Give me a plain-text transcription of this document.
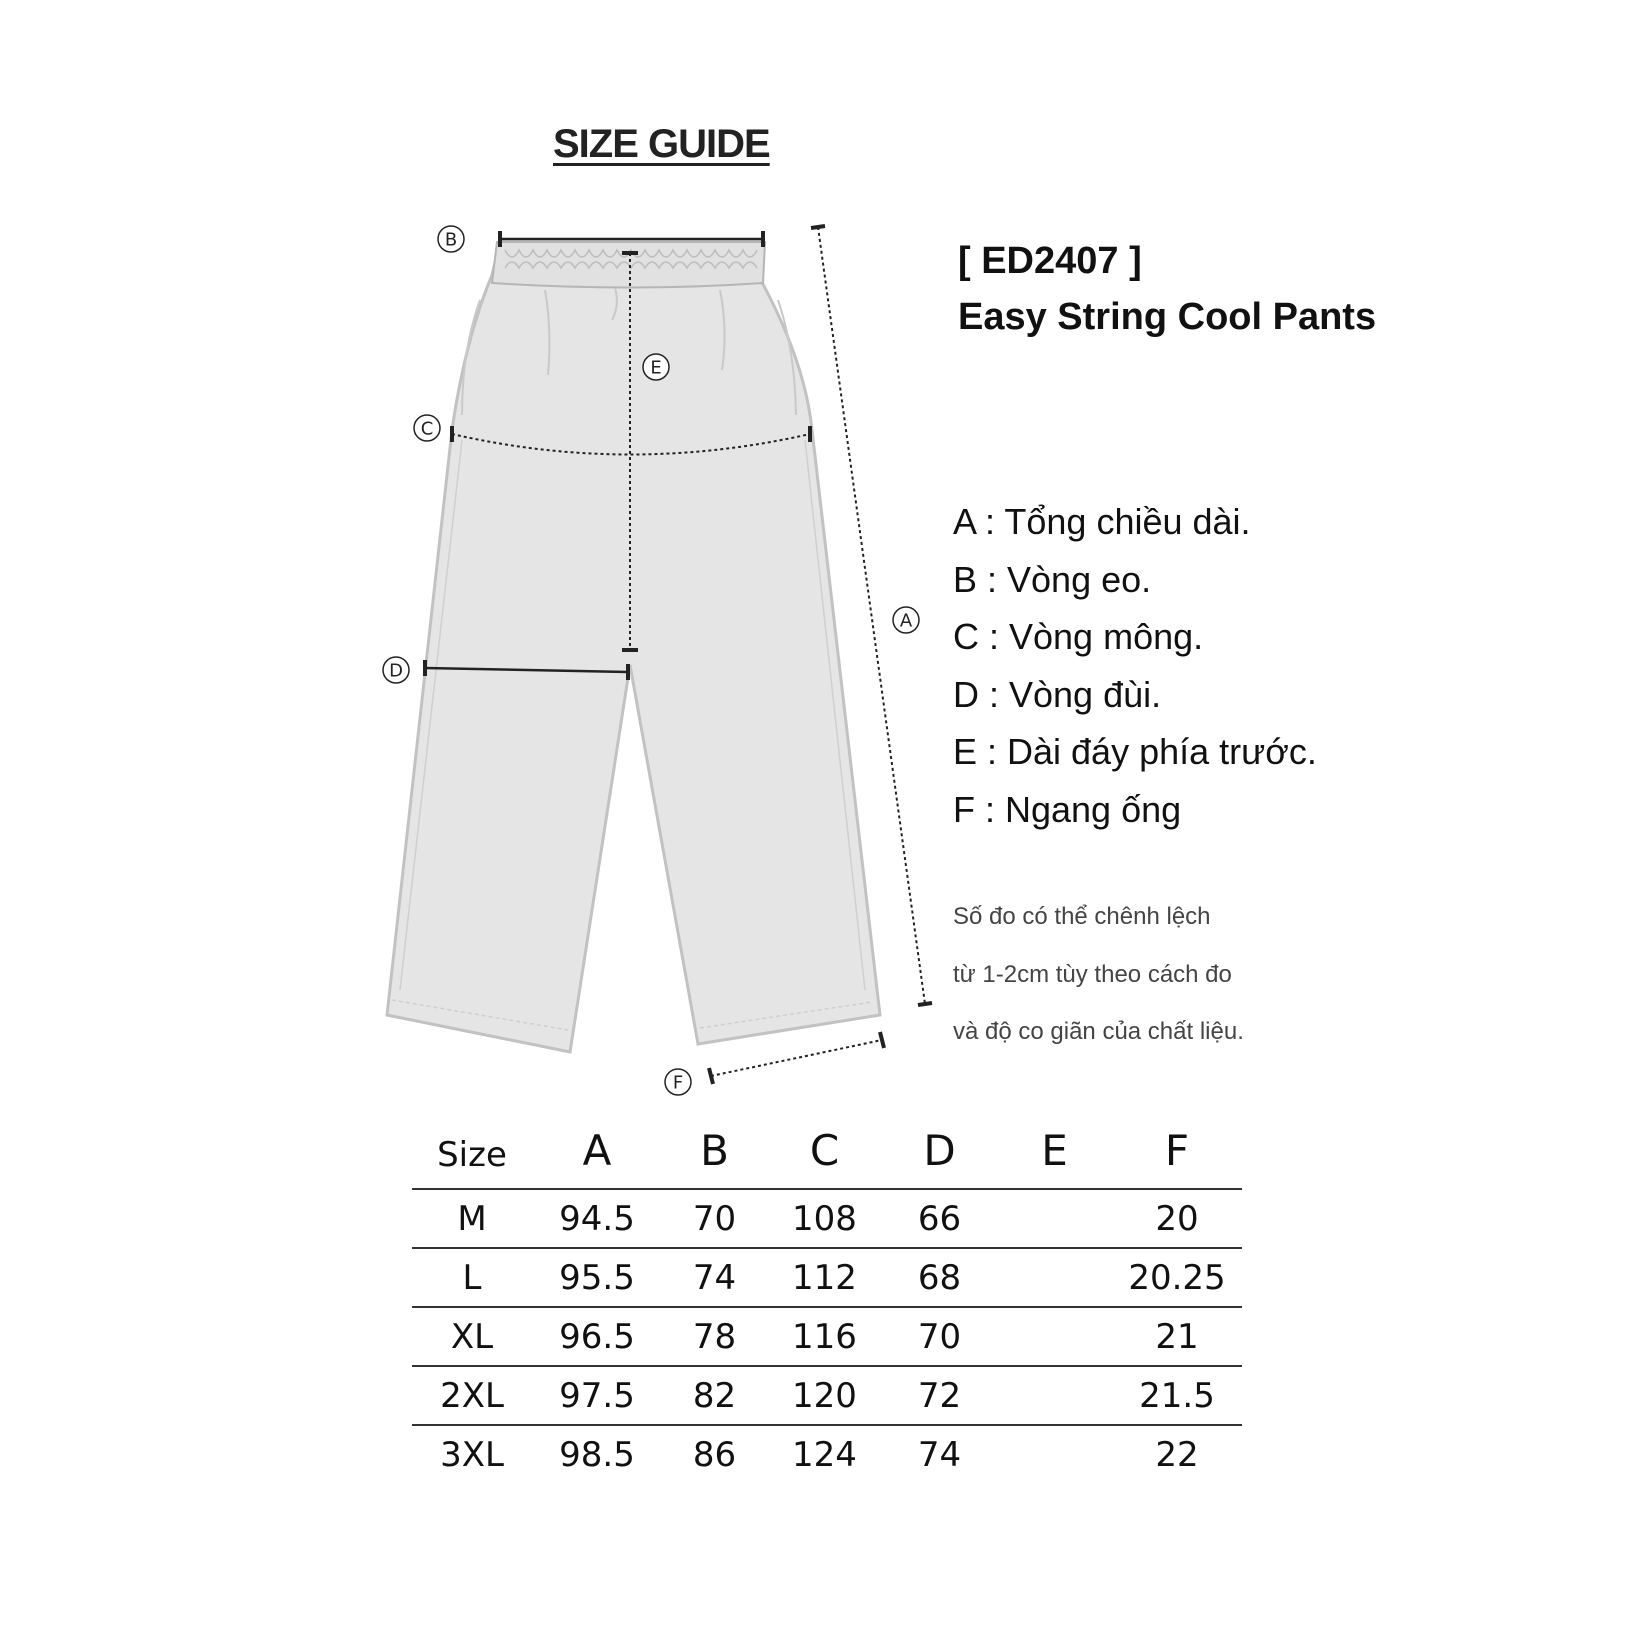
SIZE GUIDE
B
E
C
A
D
F
[ ED2407 ]
Easy String Cool Pants
A : Tổng chiều dài.
B : Vòng eo.
C : Vòng mông.
D : Vòng đùi.
E : Dài đáy phía trước.
F : Ngang ống
Số đo có thể chênh lệch
từ 1-2cm tùy theo cách đo
và độ co giãn của chất liệu.
Size	A	B	C	D	E	F
M	94.5	70	108	66		20
L	95.5	74	112	68		20.25
XL	96.5	78	116	70		21
2XL	97.5	82	120	72		21.5
3XL	98.5	86	124	74		22
